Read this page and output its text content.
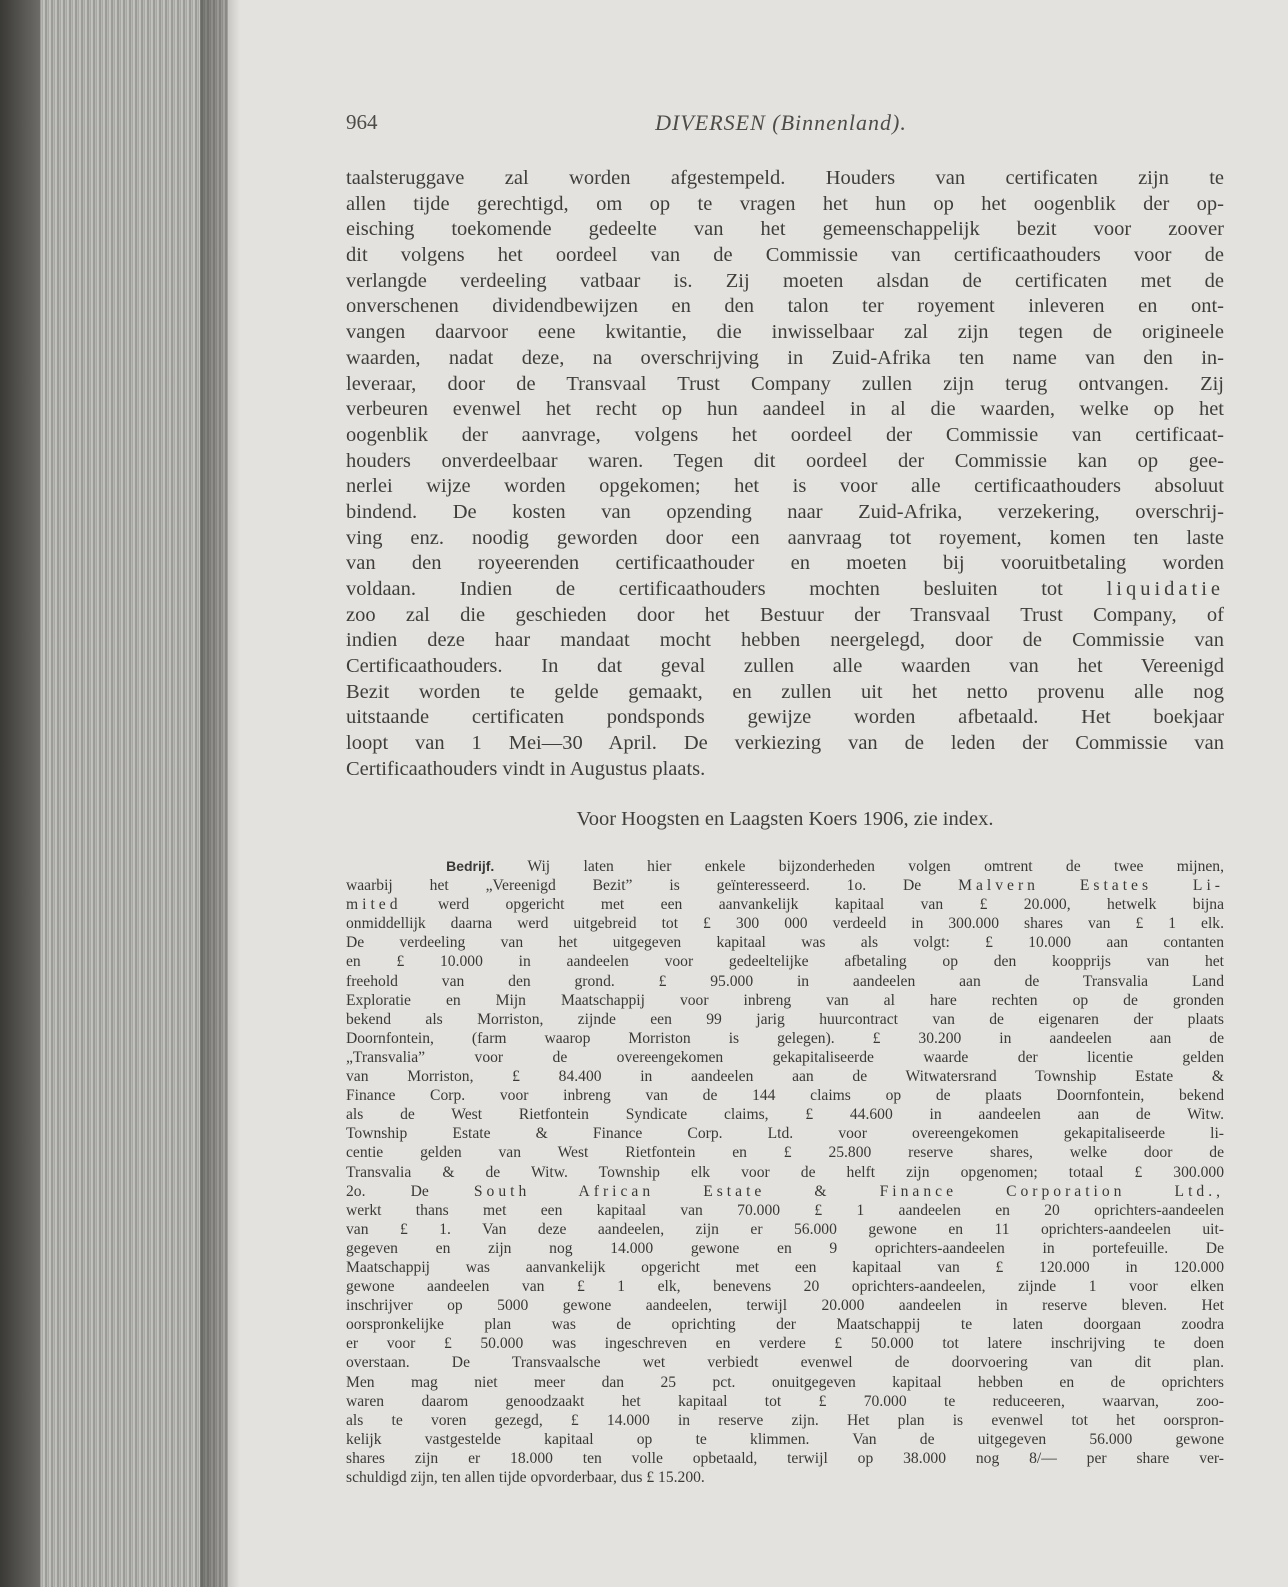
964	DIVERSEN (Binnenland).
taalsteruggave zal worden afgestempeld. Houders van certificaten zijn te
allen tijde gerechtigd, om op te vragen het hun op het oogenblik der op-
eisching toekomende gedeelte van het gemeenschappelijk bezit voor zoover
dit volgens het oordeel van de Commissie van certificaathouders voor de
verlangde verdeeling vatbaar is. Zij moeten alsdan de certificaten met de
onverschenen dividendbewijzen en den talon ter royement inleveren en ont-
vangen daarvoor eene kwitantie, die inwisselbaar zal zijn tegen de origineele
waarden, nadat deze, na overschrijving in Zuid-Afrika ten name van den in-
leveraar, door de Transvaal Trust Company zullen zijn terug ontvangen. Zij
verbeuren evenwel het recht op hun aandeel in al die waarden, welke op het
oogenblik der aanvrage, volgens het oordeel der Commissie van certificaat-
houders onverdeelbaar waren. Tegen dit oordeel der Commissie kan op gee-
nerlei wijze worden opgekomen; het is voor alle certificaathouders absoluut
bindend. De kosten van opzending naar Zuid-Afrika, verzekering, overschrij-
ving enz. noodig geworden door een aanvraag tot royement, komen ten laste
van den royeerenden certificaathouder en moeten bij vooruitbetaling worden
voldaan. Indien de certificaathouders mochten besluiten tot liquidatie
zoo zal die geschieden door het Bestuur der Transvaal Trust Company, of
indien deze haar mandaat mocht hebben neergelegd, door de Commissie van
Certificaathouders. In dat geval zullen alle waarden van het Vereenigd
Bezit worden te gelde gemaakt, en zullen uit het netto provenu alle nog
uitstaande certificaten pondsponds gewijze worden afbetaald. Het boekjaar
loopt van 1 Mei—30 April. De verkiezing van de leden der Commissie van
Certificaathouders vindt in Augustus plaats.
Voor Hoogsten en Laagsten Koers 1906, zie index.
Bedrijf. Wij laten hier enkele bijzonderheden volgen omtrent de twee mijnen,
waarbij het „Vereenigd Bezit” is geïnteresseerd. 1o. De Malvern Estates Li-
mited werd opgericht met een aanvankelijk kapitaal van £ 20.000, hetwelk bijna
onmiddellijk daarna werd uitgebreid tot £ 300 000 verdeeld in 300.000 shares van £ 1 elk.
De verdeeling van het uitgegeven kapitaal was als volgt: £ 10.000 aan contanten
en £ 10.000 in aandeelen voor gedeeltelijke afbetaling op den koopprijs van het
freehold van den grond. £ 95.000 in aandeelen aan de Transvalia Land
Exploratie en Mijn Maatschappij voor inbreng van al hare rechten op de gronden
bekend als Morriston, zijnde een 99 jarig huurcontract van de eigenaren der plaats
Doornfontein, (farm waarop Morriston is gelegen). £ 30.200 in aandeelen aan de
„Transvalia” voor de overeengekomen gekapitaliseerde waarde der licentie gelden
van Morriston, £ 84.400 in aandeelen aan de Witwatersrand Township Estate &
Finance Corp. voor inbreng van de 144 claims op de plaats Doornfontein, bekend
als de West Rietfontein Syndicate claims, £ 44.600 in aandeelen aan de Witw.
Township Estate & Finance Corp. Ltd. voor overeengekomen gekapitaliseerde li-
centie gelden van West Rietfontein en £ 25.800 reserve shares, welke door de
Transvalia & de Witw. Township elk voor de helft zijn opgenomen; totaal £ 300.000
2o. De	South African Estate & Finance Corporation Ltd.,
werkt thans met een kapitaal van 70.000 £ 1 aandeelen en 20 oprichters-aandeelen
van £ 1. Van deze aandeelen, zijn er 56.000 gewone en 11 oprichters-aandeelen uit-
gegeven en zijn nog 14.000 gewone en 9 oprichters-aandeelen in portefeuille. De
Maatschappij was aanvankelijk opgericht met een kapitaal van £ 120.000 in 120.000
gewone aandeelen van £ 1 elk, benevens 20 oprichters-aandeelen, zijnde 1 voor elken
inschrijver op 5000 gewone aandeelen, terwijl 20.000 aandeelen in reserve bleven. Het
oorspronkelijke plan was de oprichting der Maatschappij te laten doorgaan zoodra
er voor £ 50.000 was ingeschreven en verdere £ 50.000 tot latere inschrijving te doen
overstaan. De Transvaalsche wet verbiedt evenwel de doorvoering van dit plan.
Men mag niet meer dan 25 pct. onuitgegeven kapitaal hebben en de oprichters
waren daarom genoodzaakt het kapitaal tot £ 70.000 te reduceeren, waarvan, zoo-
als te voren gezegd, £ 14.000 in reserve zijn. Het plan is evenwel tot het oorspron-
kelijk vastgestelde kapitaal op te klimmen. Van de uitgegeven 56.000 gewone
shares zijn er 18.000 ten volle opbetaald, terwijl op 38.000 nog 8/— per share ver-
schuldigd zijn, ten allen tijde opvorderbaar, dus £ 15.200.
